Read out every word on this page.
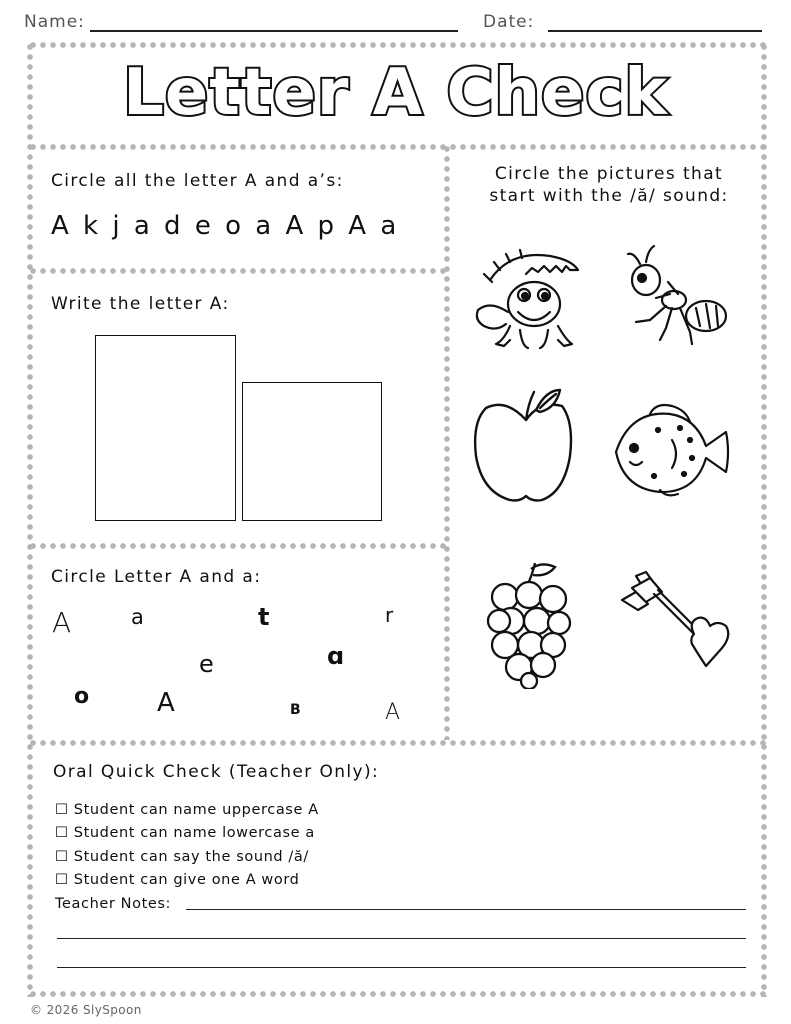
Name:	Date:
Letter A Check
Circle all the letter A and a’s:
A k j a d e o a A p A a
Write the letter A:
Circle Letter A and a:
A	a	t	r
e	ɑ
o	A	B	A
Circle the pictures that
start with the /ă/ sound:
Oral Quick Check (Teacher Only):
☐ Student can name uppercase A
☐ Student can name lowercase a
☐ Student can say the sound /ă/
☐ Student can give one A word
Teacher Notes:
© 2026 SlySpoon
